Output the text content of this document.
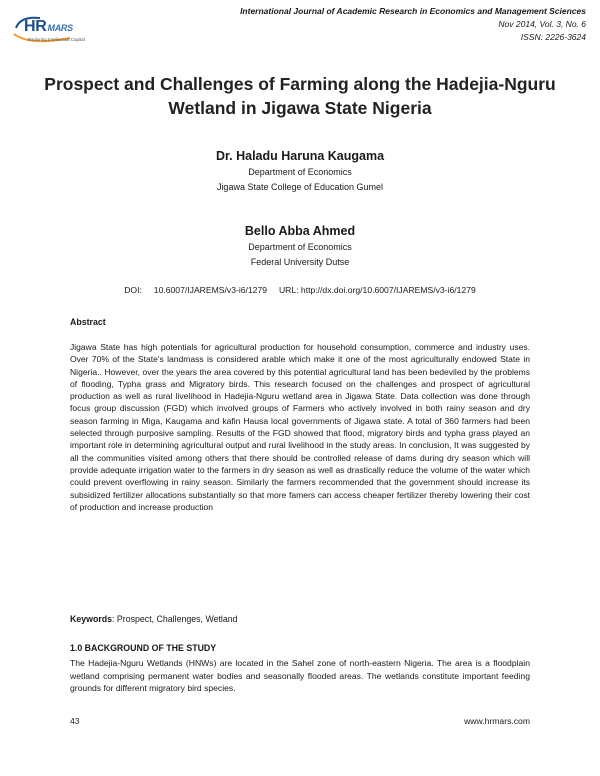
HRMARS
Exploring Intellectual Capital
International Journal of Academic Research in Economics and Management Sciences
Nov 2014, Vol. 3, No. 6
ISSN: 2226-3624
Prospect and Challenges of Farming along the Hadejia-Nguru Wetland in Jigawa State Nigeria
Dr. Haladu Haruna Kaugama
Department of Economics
Jigawa State College of Education Gumel
Bello Abba Ahmed
Department of Economics
Federal University Dutse
DOI:     10.6007/IJAREMS/v3-i6/1279     URL: http://dx.doi.org/10.6007/IJAREMS/v3-i6/1279
Abstract
Jigawa State has high potentials for agricultural production for household consumption, commerce and industry uses. Over 70% of the State's landmass is considered arable which make it one of the most agriculturally endowed State in Nigeria.. However, over the years the area covered by this potential agricultural land has been bedeviled by the problems of flooding, Typha grass and Migratory birds. This research focused on the challenges and prospect of agricultural production as well as rural livelihood in Hadejia-Nguru wetland area in Jigawa State. Data collection was done through focus group discussion (FGD) which involved groups of Farmers who actively involved in both rainy season and dry season farming in Miga, Kaugama and kafin Hausa local governments of Jigawa state. A total of 360 farmers had been selected through purposive sampling. Results of the FGD showed that flood, migratory birds and typha grass played an important role in determining agricultural output and rural livelihood in the study areas. In conclusion, It was suggested by all the communities visited among others that there should be controlled release of dams during dry season which will provide adequate irrigation water to the farmers in dry season as well as drastically reduce the volume of the water which could prevent overflowing in rainy season. Similarly the farmers recommended that the government should increase its subsidized fertilizer allocations substantially so that more famers can access cheaper fertilizer thereby lowering their cost of production and increase production
Keywords: Prospect, Challenges, Wetland
1.0 BACKGROUND OF THE STUDY
The Hadejia-Nguru Wetlands (HNWs) are located in the Sahel zone of north-eastern Nigeria. The area is a floodplain wetland comprising permanent water bodies and seasonally flooded areas. The wetlands constitute important feeding grounds for different migratory bird species.
43	www.hrmars.com
